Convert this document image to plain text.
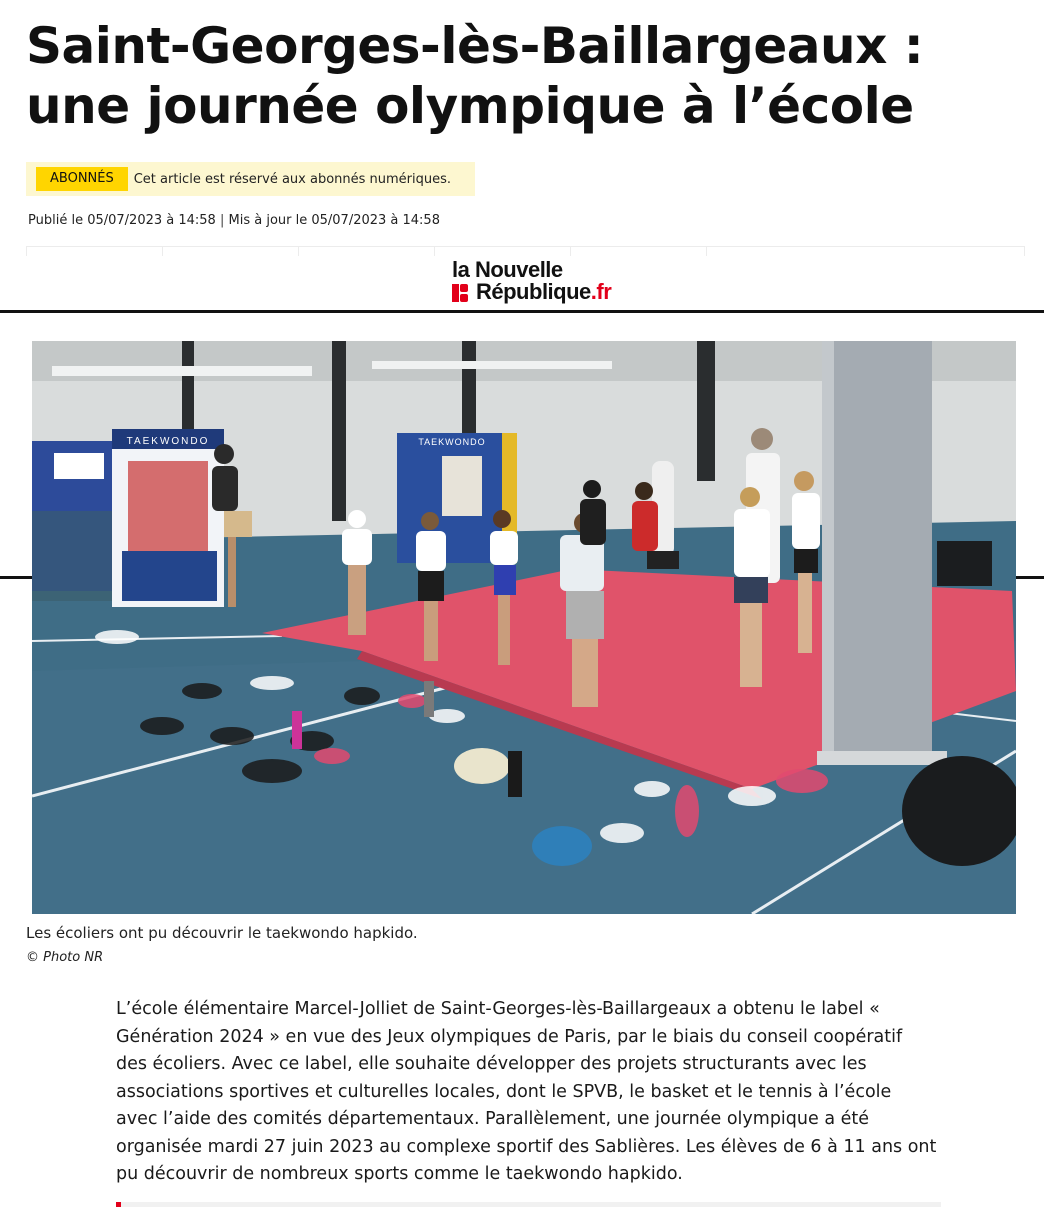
Saint-Georges-lès-Baillargeaux : une journée olympique à l’école
ABONNÉS	Cet article est réservé aux abonnés numériques.
Publié le 05/07/2023 à 14:58 | Mis à jour le 05/07/2023 à 14:58
la Nouvelle
République.fr
TAEKWONDO	TAEKWONDO
Les écoliers ont pu découvrir le taekwondo hapkido.
© Photo NR

L’école élémentaire Marcel-Jolliet de Saint-Georges-lès-Baillargeaux a obtenu le label « Génération 2024 » en vue des Jeux olympiques de Paris, par le biais du conseil coopératif des écoliers. Avec ce label, elle souhaite développer des projets structurants avec les associations sportives et culturelles locales, dont le SPVB, le basket et le tennis à l’école avec l’aide des comités départementaux. Parallèlement, une journée olympique a été organisée mardi 27 juin 2023 au complexe sportif des Sablières. Les élèves de 6 à 11 ans ont pu découvrir de nombreux sports comme le taekwondo hapkido.
